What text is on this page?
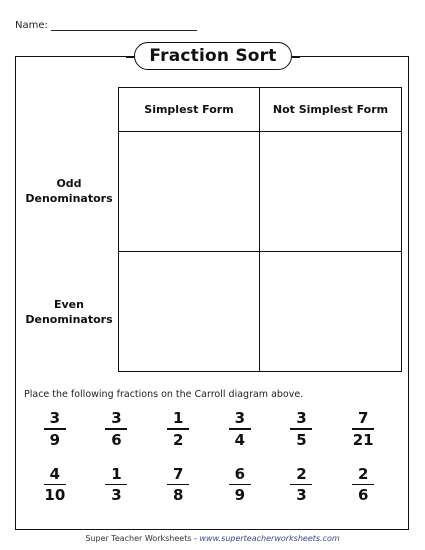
Name:
Fraction Sort
Simplest Form	Not Simplest Form
Odd
Denominators
Even
Denominators
Place the following fractions on the Carroll diagram above.
$\frac{3}{9}$	$\frac{3}{6}$	$\frac{1}{2}$	$\frac{3}{4}$	$\frac{3}{5}$	$\frac{7}{21}$
$\frac{4}{10}$	$\frac{1}{3}$	$\frac{7}{8}$	$\frac{6}{9}$	$\frac{2}{3}$	$\frac{2}{6}$
Super Teacher Worksheets - www.superteacherworksheets.com
